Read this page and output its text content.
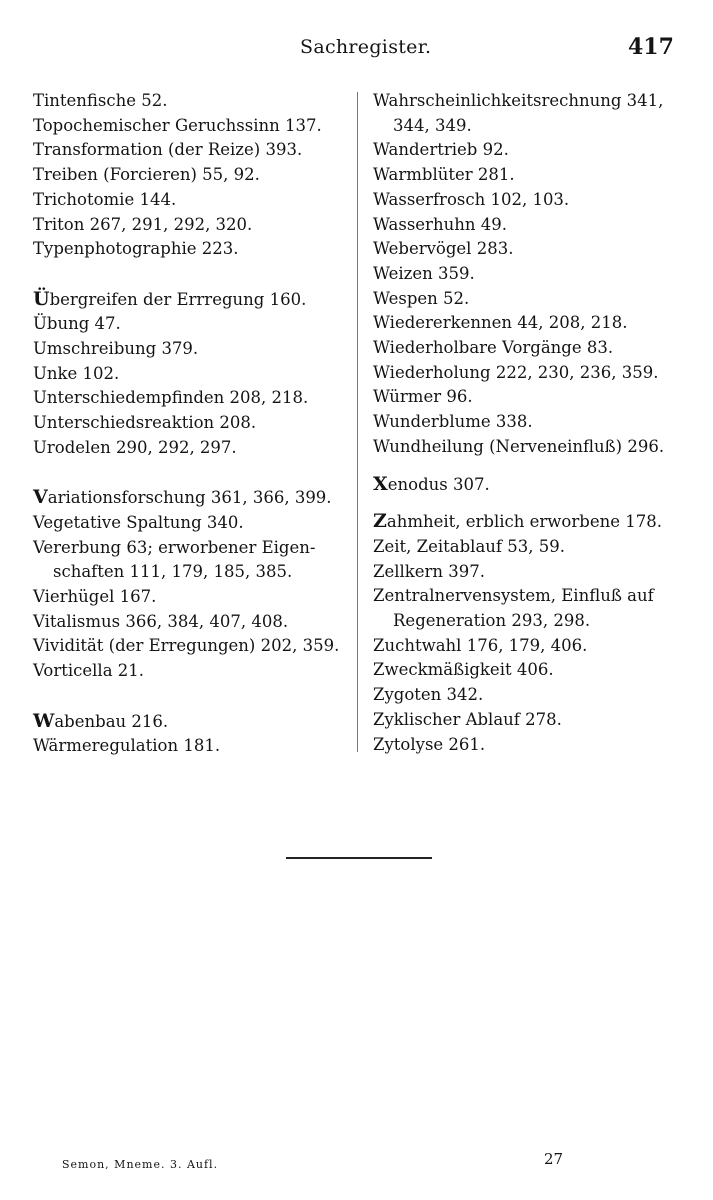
Sachregister.	417
Tintenfische 52.
Topochemischer Geruchssinn 137.
Transformation (der Reize) 393.
Treiben (Forcieren) 55, 92.
Trichotomie 144.
Triton 267, 291, 292, 320.
Typenphotographie 223.
Übergreifen der Errregung 160.
Übung 47.
Umschreibung 379.
Unke 102.
Unterschiedempfinden 208, 218.
Unterschiedsreaktion 208.
Urodelen 290, 292, 297.
Variationsforschung 361, 366, 399.
Vegetative Spaltung 340.
Vererbung 63; erworbener Eigen-
schaften 111, 179, 185, 385.
Vierhügel 167.
Vitalismus 366, 384, 407, 408.
Vividität (der Erregungen) 202, 359.
Vorticella 21.
Wabenbau 216.
Wärmeregulation 181.
Wahrscheinlichkeitsrechnung 341,
344, 349.
Wandertrieb 92.
Warmblüter 281.
Wasserfrosch 102, 103.
Wasserhuhn 49.
Webervögel 283.
Weizen 359.
Wespen 52.
Wiedererkennen 44, 208, 218.
Wiederholbare Vorgänge 83.
Wiederholung 222, 230, 236, 359.
Würmer 96.
Wunderblume 338.
Wundheilung (Nerveneinfluß) 296.
Xenodus 307.
Zahmheit, erblich erworbene 178.
Zeit, Zeitablauf 53, 59.
Zellkern 397.
Zentralnervensystem, Einfluß auf
Regeneration 293, 298.
Zuchtwahl 176, 179, 406.
Zweckmäßigkeit 406.
Zygoten 342.
Zyklischer Ablauf 278.
Zytolyse 261.
Semon, Mneme. 3. Aufl.	27
